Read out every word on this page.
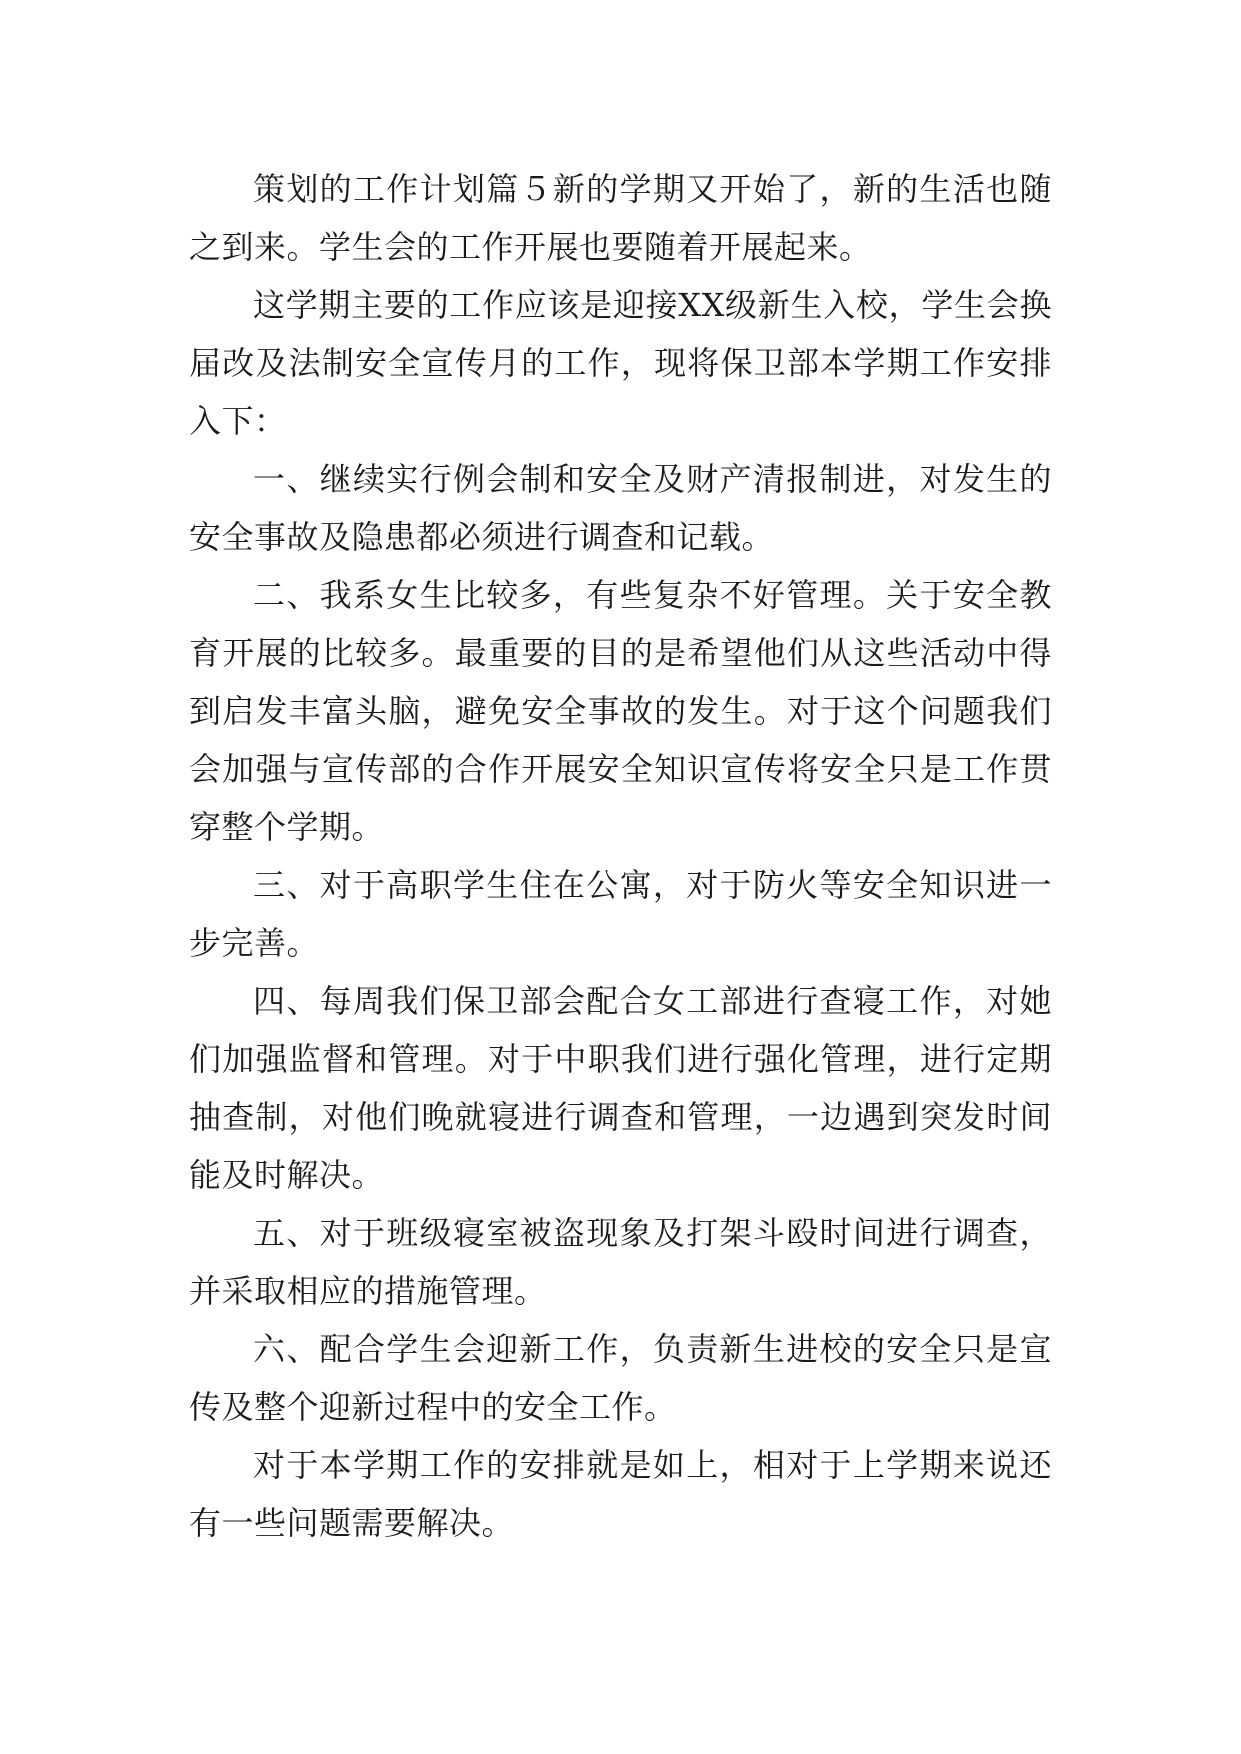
策划的工作计划篇５新的学期又开始了，新的生活也随之到来。学生会的工作开展也要随着开展起来。

这学期主要的工作应该是迎接XX级新生入校，学生会换届改及法制安全宣传月的工作，现将保卫部本学期工作安排入下：

一、继续实行例会制和安全及财产清报制进，对发生的安全事故及隐患都必须进行调查和记载。

二、我系女生比较多，有些复杂不好管理。关于安全教育开展的比较多。最重要的目的是希望他们从这些活动中得到启发丰富头脑，避免安全事故的发生。对于这个问题我们会加强与宣传部的合作开展安全知识宣传将安全只是工作贯穿整个学期。

三、对于高职学生住在公寓，对于防火等安全知识进一步完善。

四、每周我们保卫部会配合女工部进行查寝工作，对她们加强监督和管理。对于中职我们进行强化管理，进行定期抽查制，对他们晚就寝进行调查和管理，一边遇到突发时间能及时解决。

五、对于班级寝室被盗现象及打架斗殴时间进行调查，并采取相应的措施管理。

六、配合学生会迎新工作，负责新生进校的安全只是宣传及整个迎新过程中的安全工作。

对于本学期工作的安排就是如上，相对于上学期来说还有一些问题需要解决。
